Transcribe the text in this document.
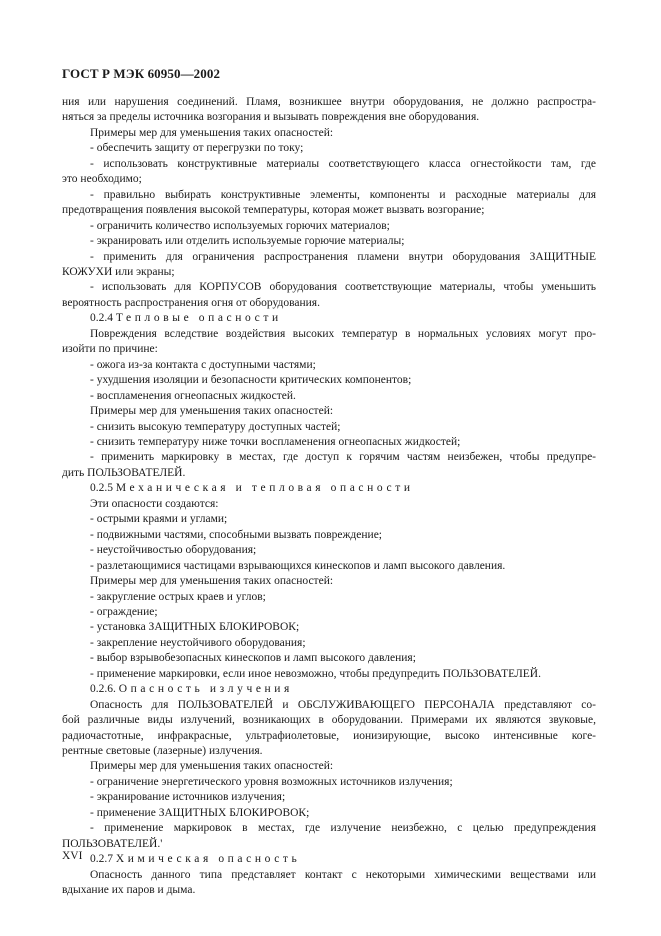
ГОСТ Р МЭК 60950—2002

ния или нарушения соединений. Пламя, возникшее внутри оборудования, не должно распростра-

няться за пределы источника возгорания и вызывать повреждения вне оборудования.

Примеры мер для уменьшения таких опасностей:

- обеспечить защиту от перегрузки по току;

- использовать конструктивные материалы соответствующего класса огнестойкости там, где

это необходимо;

- правильно выбирать конструктивные элементы, компоненты и расходные материалы для

предотвращения появления высокой температуры, которая может вызвать возгорание;

- ограничить количество используемых горючих материалов;

- экранировать или отделить используемые горючие материалы;

- применить для ограничения распространения пламени внутри оборудования ЗАЩИТНЫЕ

КОЖУХИ или экраны;

- использовать для КОРПУСОВ оборудования соответствующие материалы, чтобы уменьшить

вероятность распространения огня от оборудования.

0.2.4 Тепловые опасности

Повреждения вследствие воздействия высоких температур в нормальных условиях могут про-

изойти по причине:

- ожога из-за контакта с доступными частями;

- ухудшения изоляции и безопасности критических компонентов;

- воспламенения огнеопасных жидкостей.

Примеры мер для уменьшения таких опасностей:

- снизить высокую температуру доступных частей;

- снизить температуру ниже точки воспламенения огнеопасных жидкостей;

- применить маркировку в местах, где доступ к горячим частям неизбежен, чтобы предупре-

дить ПОЛЬЗОВАТЕЛЕЙ.

0.2.5 Механическая и тепловая опасности

Эти опасности создаются:

- острыми краями и углами;

- подвижными частями, способными вызвать повреждение;

- неустойчивостью оборудования;

- разлетающимися частицами взрывающихся кинескопов и ламп высокого давления.

Примеры мер для уменьшения таких опасностей:

- закругление острых краев и углов;

- ограждение;

- установка ЗАЩИТНЫХ БЛОКИРОВОК;

- закрепление неустойчивого оборудования;

- выбор взрывобезопасных кинескопов и ламп высокого давления;

- применение маркировки, если иное невозможно, чтобы предупредить ПОЛЬЗОВАТЕЛЕЙ.

0.2.6. Опасность излучения

Опасность для ПОЛЬЗОВАТЕЛЕЙ и ОБСЛУЖИВАЮЩЕГО ПЕРСОНАЛА представляют со-

бой различные виды излучений, возникающих в оборудовании. Примерами их являются звуковые,

радиочастотные, инфракрасные, ультрафиолетовые, ионизирующие, высоко интенсивные коге-

рентные световые (лазерные) излучения.

Примеры мер для уменьшения таких опасностей:

- ограничение энергетического уровня возможных источников излучения;

- экранирование источников излучения;

- применение ЗАЩИТНЫХ БЛОКИРОВОК;

- применение маркировок в местах, где излучение неизбежно, с целью предупреждения

ПОЛЬЗОВАТЕЛЕЙ.'

0.2.7 Химическая опасность

Опасность данного типа представляет контакт с некоторыми химическими веществами или

вдыхание их паров и дыма.

XVI
